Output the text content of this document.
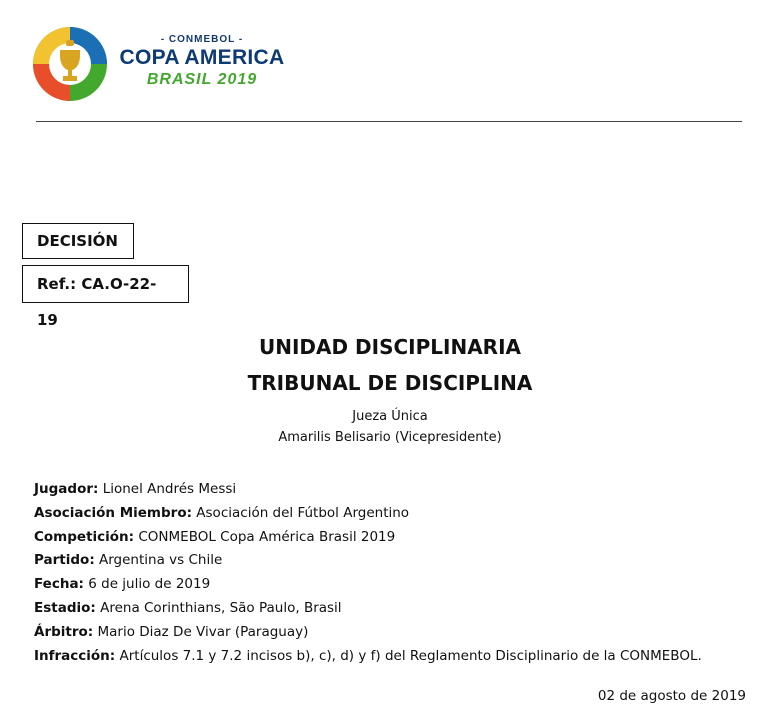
- CONMEBOL -
COPA AMERICA
BRASIL 2019
DECISIÓN
Ref.: CA.O-22-19
UNIDAD DISCIPLINARIA
TRIBUNAL DE DISCIPLINA
Jueza Única
Amarilis Belisario (Vicepresidente)
Jugador: Lionel Andrés Messi
Asociación Miembro: Asociación del Fútbol Argentino
Competición: CONMEBOL Copa América Brasil 2019
Partido: Argentina vs Chile
Fecha: 6 de julio de 2019
Estadio: Arena Corinthians, São Paulo, Brasil
Árbitro: Mario Diaz De Vivar (Paraguay)
Infracción: Artículos 7.1 y 7.2 incisos b), c), d) y f) del Reglamento Disciplinario de la CONMEBOL.
02 de agosto de 2019
